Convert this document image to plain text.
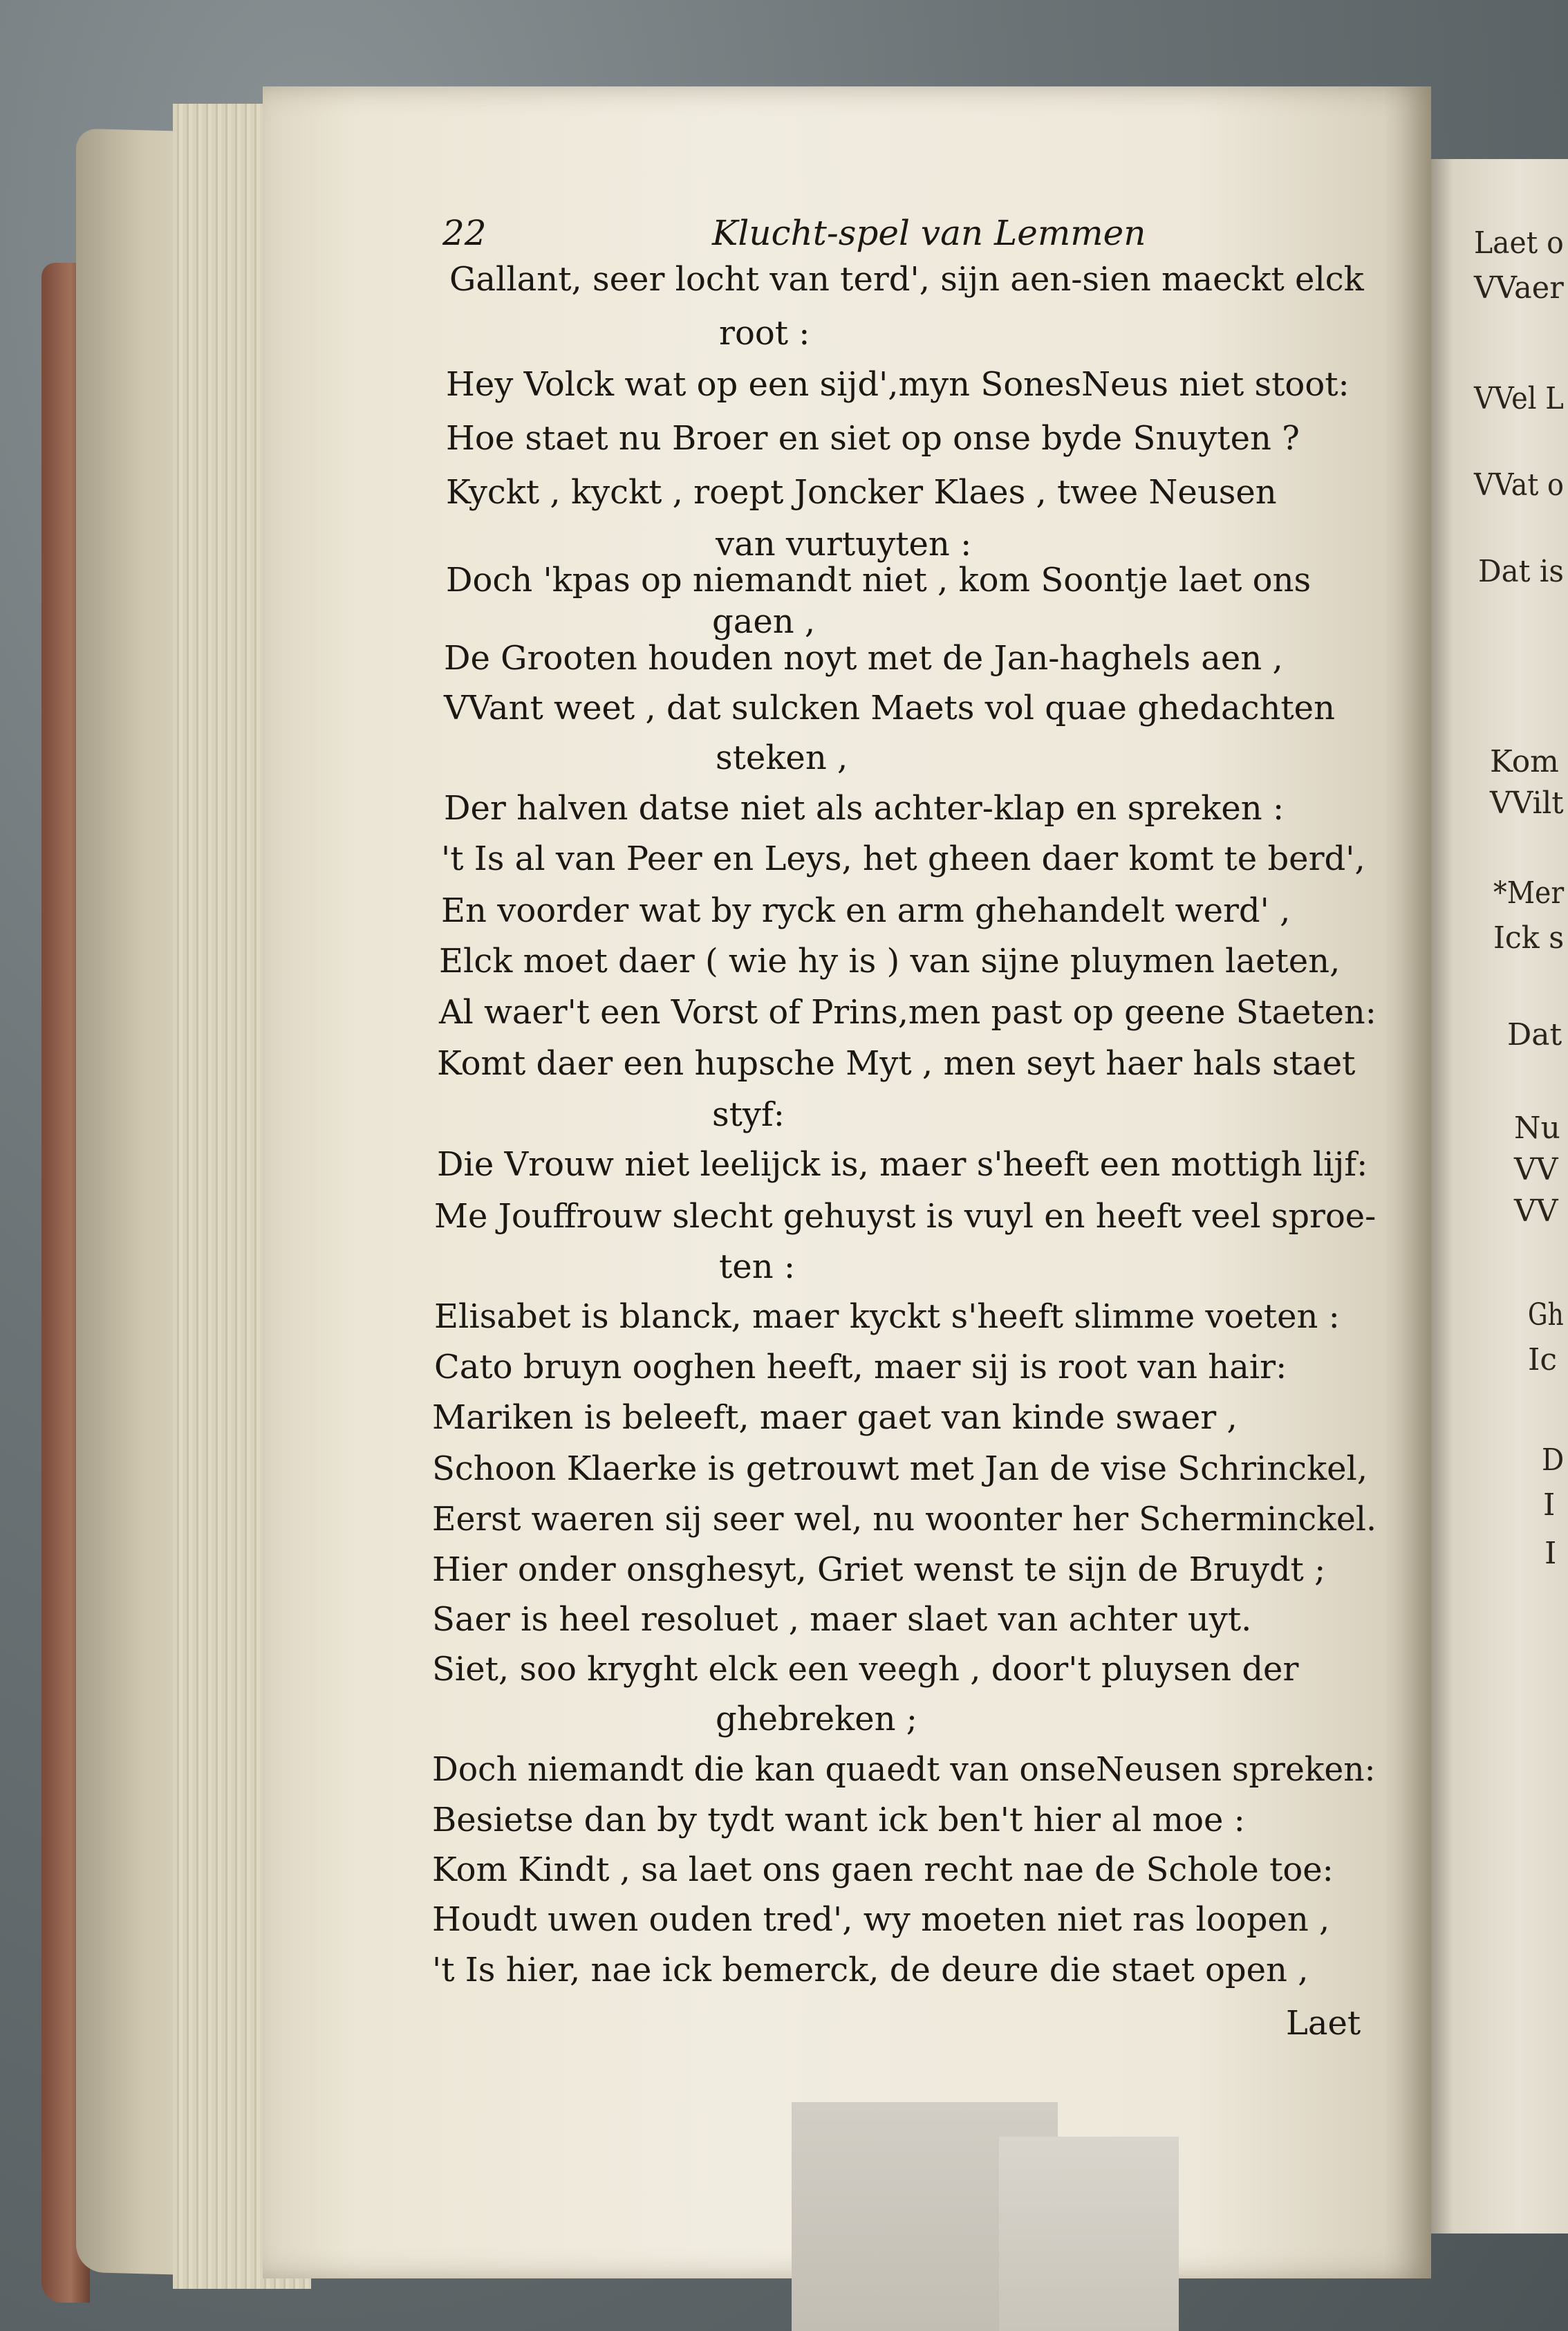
22	Klucht-spel van Lemmen
Gallant, seer locht van terd', sijn aen-sien maeckt elck
root :
Hey Volck wat op een sijd',myn SonesNeus niet stoot:
Hoe staet nu Broer en siet op onse byde Snuyten ?
Kyckt , kyckt , roept Joncker Klaes , twee Neusen
van vurtuyten :
Doch 'kpas op niemandt niet , kom Soontje laet ons
gaen ,
De Grooten houden noyt met de Jan-haghels aen ,
VVant weet , dat sulcken Maets vol quae ghedachten
steken ,
Der halven datse niet als achter-klap en spreken :
't Is al van Peer en Leys, het gheen daer komt te berd',
En voorder wat by ryck en arm ghehandelt werd' ,
Elck moet daer ( wie hy is ) van sijne pluymen laeten,
Al waer't een Vorst of Prins,men past op geene Staeten:
Komt daer een hupsche Myt , men seyt haer hals staet
styf:
Die Vrouw niet leelijck is, maer s'heeft een mottigh lijf:
Me Jouffrouw slecht gehuyst is vuyl en heeft veel sproe-
ten :
Elisabet is blanck, maer kyckt s'heeft slimme voeten :
Cato bruyn ooghen heeft, maer sij is root van hair:
Mariken is beleeft, maer gaet van kinde swaer ,
Schoon Klaerke is getrouwt met Jan de vise Schrinckel,
Eerst waeren sij seer wel, nu woonter her Scherminckel.
Hier onder onsghesyt, Griet wenst te sijn de Bruydt ;
Saer is heel resoluet , maer slaet van achter uyt.
Siet, soo kryght elck een veegh , door't pluysen der
ghebreken ;
Doch niemandt die kan quaedt van onseNeusen spreken:
Besietse dan by tydt want ick ben't hier al moe :
Kom Kindt , sa laet ons gaen recht nae de Schole toe:
Houdt uwen ouden tred', wy moeten niet ras loopen ,
't Is hier, nae ick bemerck, de deure die staet open ,
Laet
Laet o
VVaer
VVel L
VVat o
Dat is
Kom
VVilt
*Mer
Ick s
Dat
Nu
VV
VV
Gh
Ic
D
I
I
